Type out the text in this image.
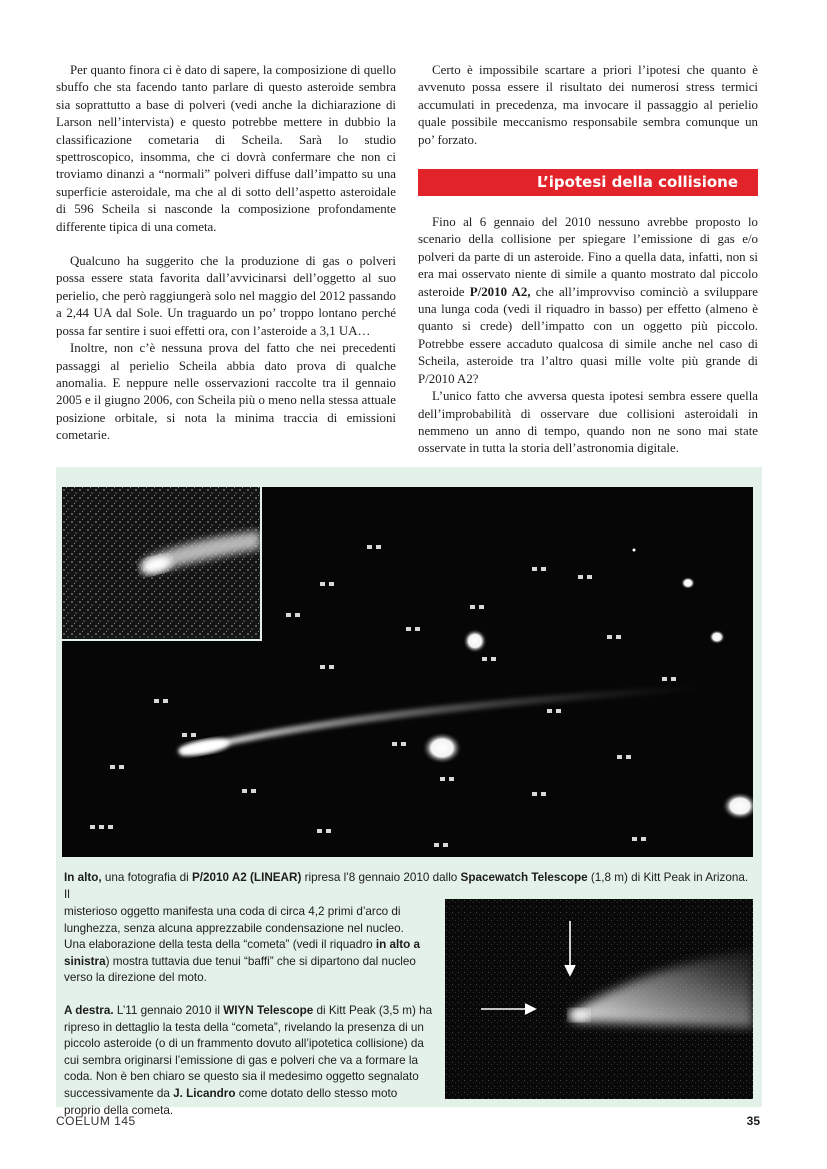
Per quanto finora ci è dato di sapere, la composizione di quello sbuffo che sta facendo tanto parlare di questo asteroide sembra sia soprattutto a base di polveri (vedi anche la dichiarazione di Larson nell’intervista) e questo potrebbe mettere in dubbio la classificazione cometaria di Scheila. Sarà lo studio spettroscopico, insomma, che ci dovrà confermare che non ci troviamo dinanzi a “normali” polveri diffuse dall’impatto su una superficie asteroidale, ma che al di sotto dell’aspetto asteroidale di 596 Scheila si nasconde la composizione profondamente differente tipica di una cometa.

Qualcuno ha suggerito che la produzione di gas o polveri possa essere stata favorita dall’avvicinarsi dell’oggetto al suo perielio, che però raggiungerà solo nel maggio del 2012 passando a 2,44 UA dal Sole. Un traguardo un po’ troppo lontano perché possa far sentire i suoi effetti ora, con l’asteroide a 3,1 UA…

Inoltre, non c’è nessuna prova del fatto che nei precedenti passaggi al perielio Scheila abbia dato prova di qualche anomalia. E neppure nelle osservazioni raccolte tra il gennaio 2005 e il giugno 2006, con Scheila più o meno nella stessa attuale posizione orbitale, si nota la minima traccia di emissioni cometarie.

Certo è impossibile scartare a priori l’ipotesi che quanto è avvenuto possa essere il risultato dei numerosi stress termici accumulati in precedenza, ma invocare il passaggio al perielio quale possibile meccanismo responsabile sembra comunque un po’ forzato.

L’ipotesi della collisione

Fino al 6 gennaio del 2010 nessuno avrebbe proposto lo scenario della collisione per spiegare l’emissione di gas e/o polveri da parte di un asteroide. Fino a quella data, infatti, non si era mai osservato niente di simile a quanto mostrato dal piccolo asteroide P/2010 A2, che all’improvviso cominciò a sviluppare una lunga coda (vedi il riquadro in basso) per effetto (almeno è quanto si crede) dell’impatto con un oggetto più piccolo. Potrebbe essere accaduto qualcosa di simile anche nel caso di Scheila, asteroide tra l’altro quasi mille volte più grande di P/2010 A2?

L’unico fatto che avversa questa ipotesi sembra essere quella dell’improbabilità di osservare due collisioni asteroidali in nemmeno un anno di tempo, quando non ne sono mai state osservate in tutta la storia dell’astronomia digitale.

In alto, una fotografia di P/2010 A2 (LINEAR) ripresa l’8 gennaio 2010 dallo Spacewatch Telescope (1,8 m) di Kitt Peak in Arizona. Il

misterioso oggetto manifesta una coda di circa 4,2 primi d’arco di lunghezza, senza alcuna apprezzabile condensazione nel nucleo.

Una elaborazione della testa della “cometa” (vedi il riquadro in alto a sinistra) mostra tuttavia due tenui “baffi” che si dipartono dal nucleo verso la direzione del moto.

A destra. L’11 gennaio 2010 il WIYN Telescope di Kitt Peak (3,5 m) ha ripreso in dettaglio la testa della “cometa”, rivelando la presenza di un piccolo asteroide (o di un frammento dovuto all’ipotetica collisione) da cui sembra originarsi l’emissione di gas e polveri che va a formare la coda. Non è ben chiaro se questo sia il medesimo oggetto segnalato successivamente da J. Licandro come dotato dello stesso moto proprio della cometa.

COELUM 145	35
